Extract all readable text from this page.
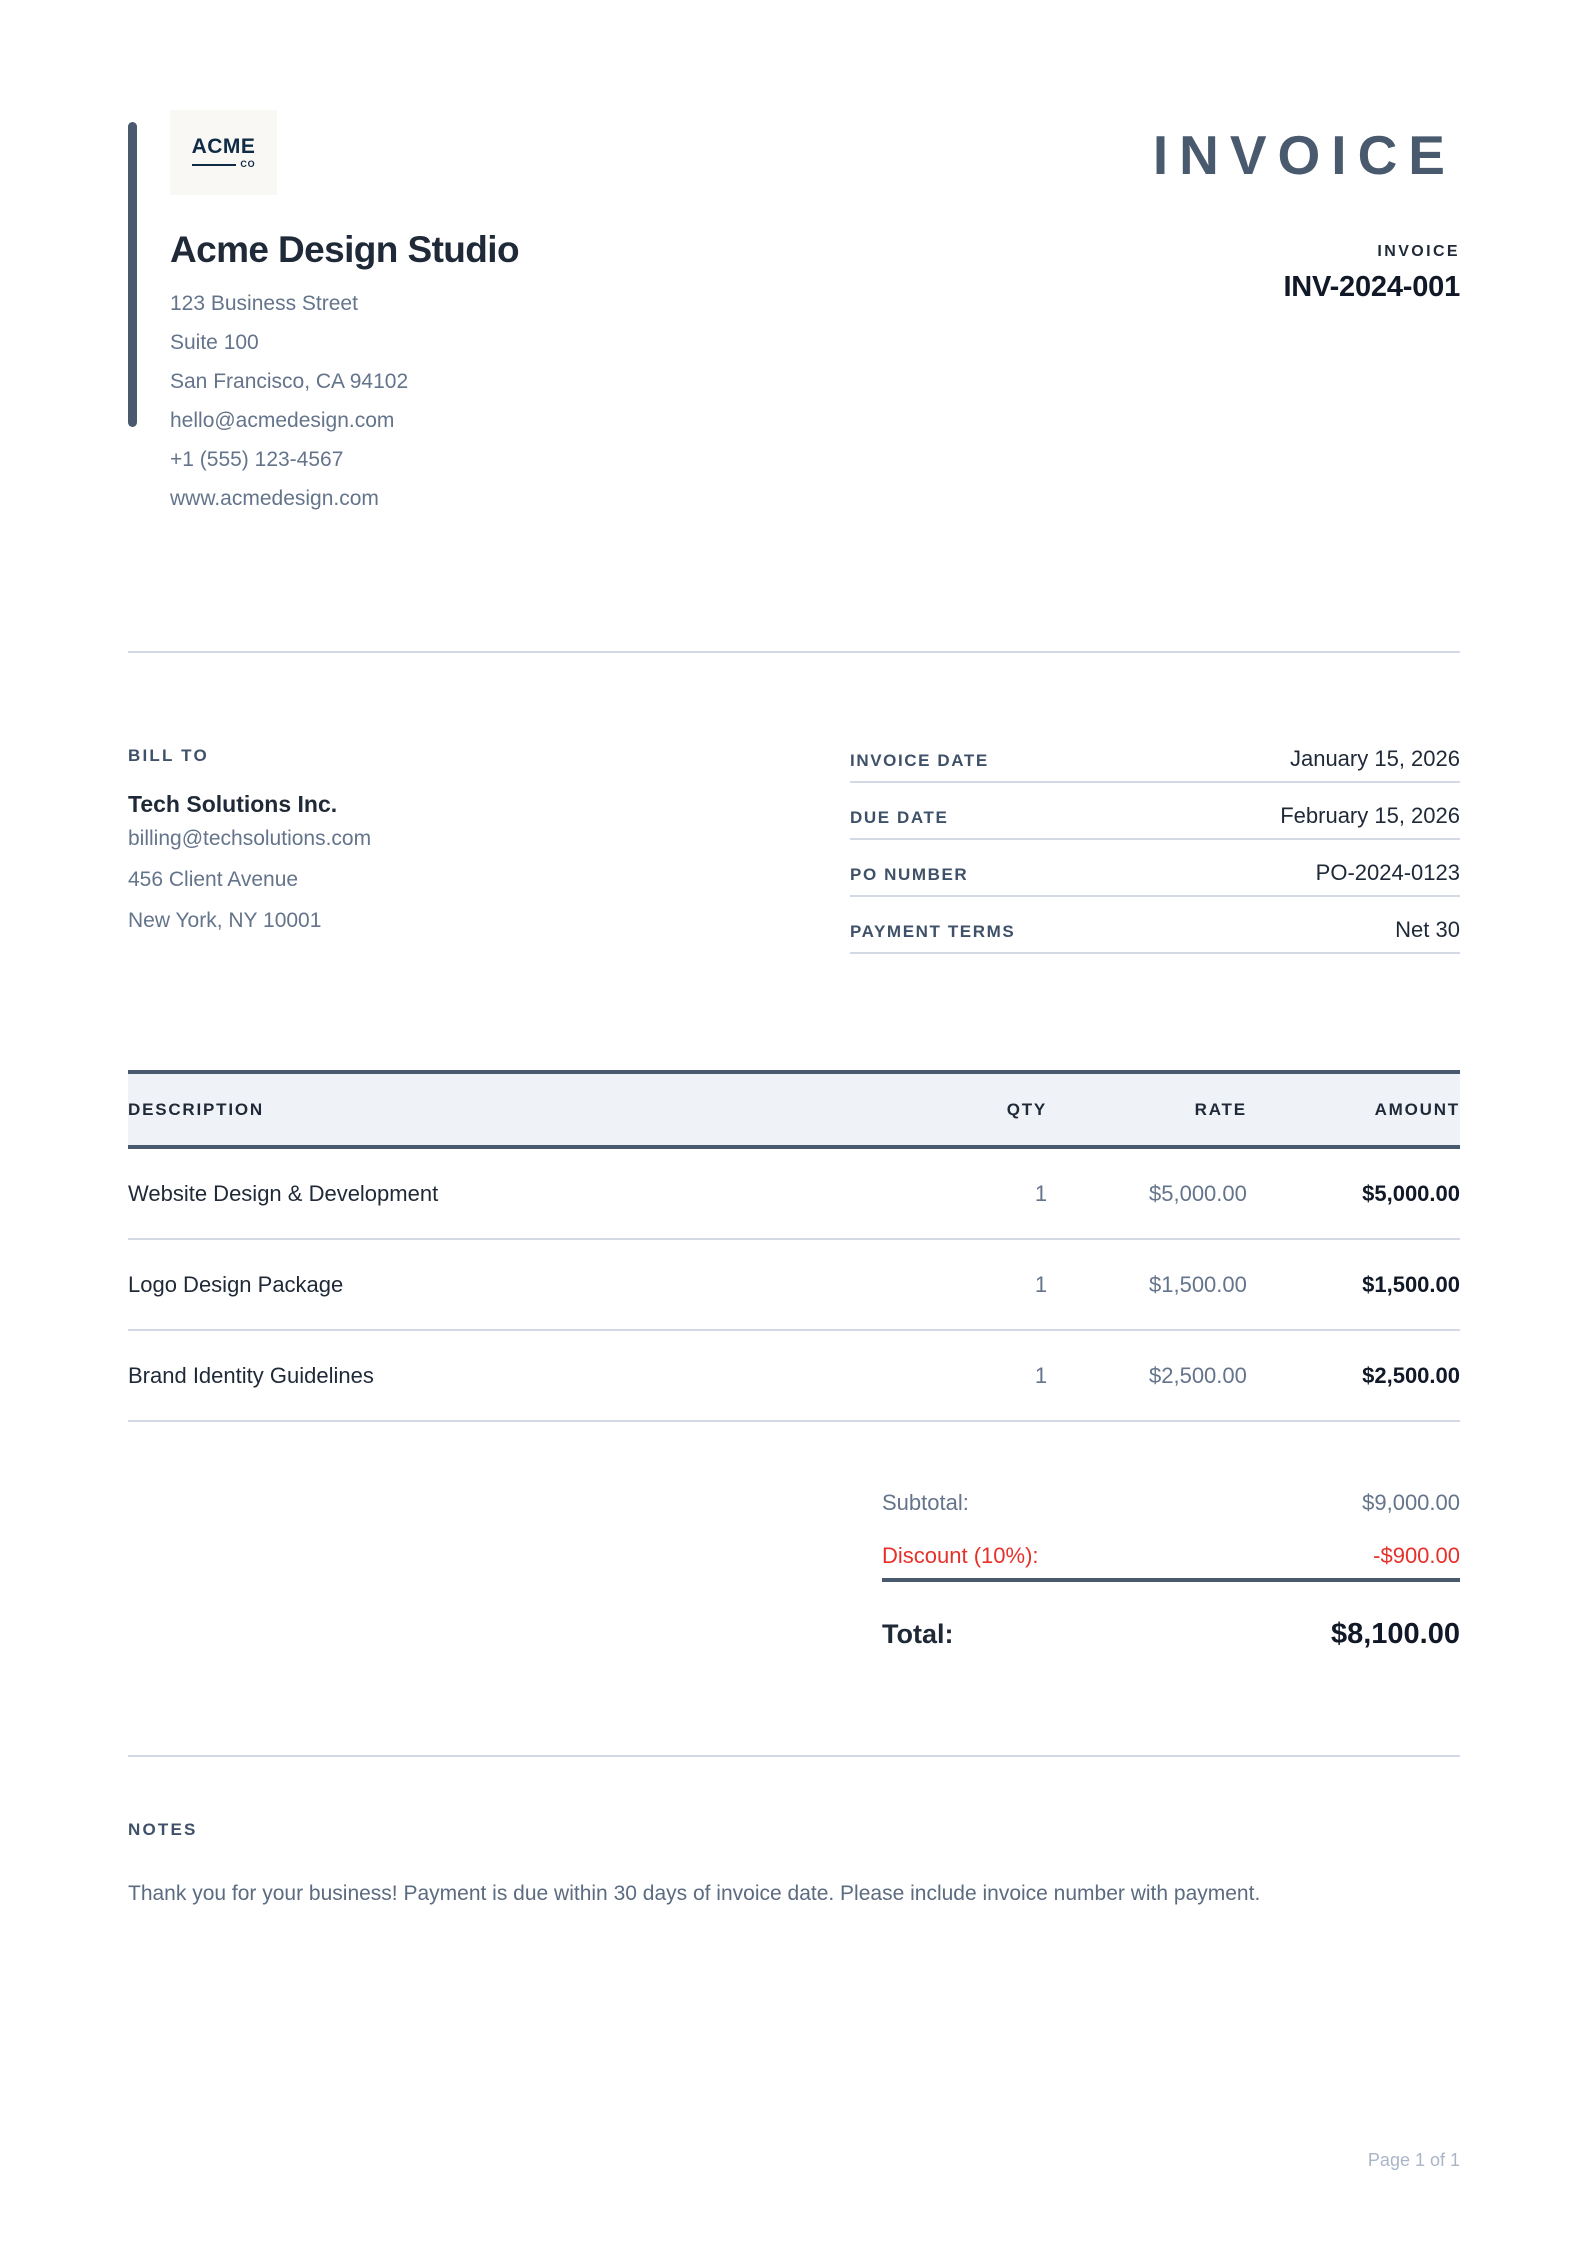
ACME
CO
Acme Design Studio
123 Business Street
Suite 100
San Francisco, CA 94102
hello@acmedesign.com
+1 (555) 123-4567
www.acmedesign.com
INVOICE
INVOICE
INV-2024-001
BILL TO
Tech Solutions Inc.
billing@techsolutions.com
456 Client Avenue
New York, NY 10001
INVOICE DATE	January 15, 2026
DUE DATE	February 15, 2026
PO NUMBER	PO-2024-0123
PAYMENT TERMS	Net 30
DESCRIPTION	QTY	RATE	AMOUNT
Website Design & Development	1	$5,000.00	$5,000.00
Logo Design Package	1	$1,500.00	$1,500.00
Brand Identity Guidelines	1	$2,500.00	$2,500.00
Subtotal:	$9,000.00
Discount (10%):	-$900.00
Total:	$8,100.00
NOTES
Thank you for your business! Payment is due within 30 days of invoice date. Please include invoice number with payment.
Page 1 of 1
